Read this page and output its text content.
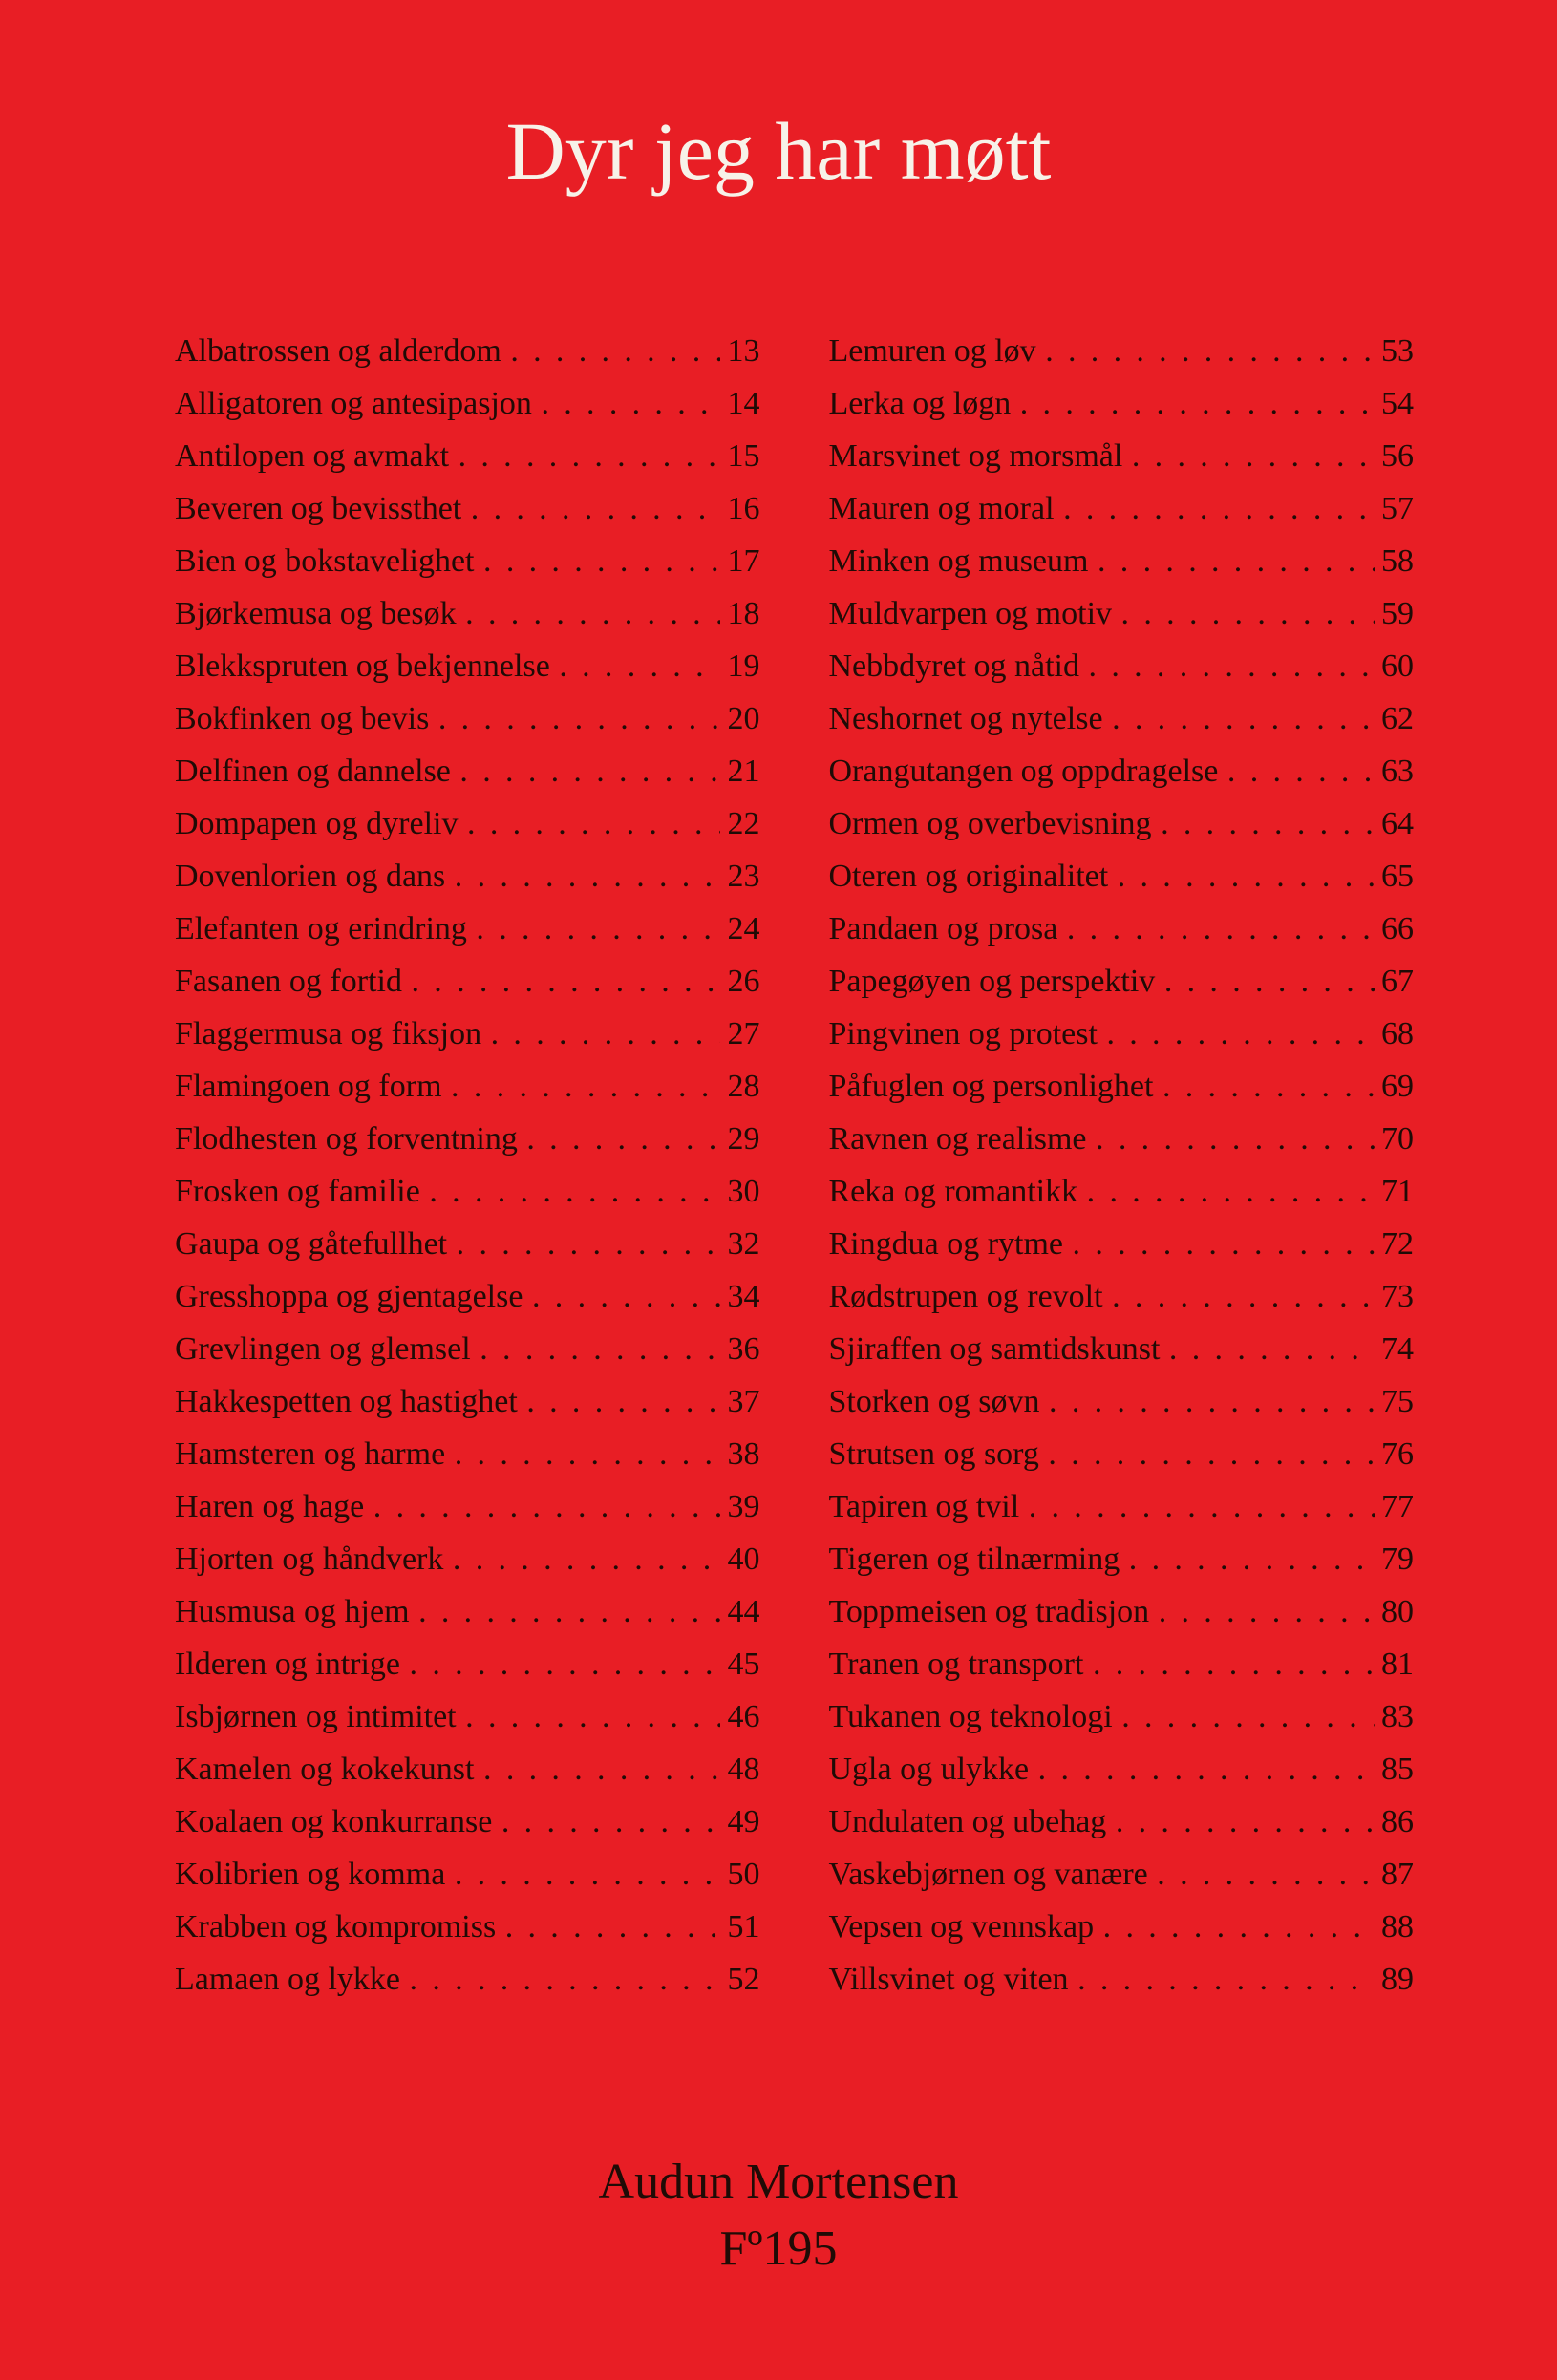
Dyr jeg har møtt
Albatrossen og alderdom . . .	13
Alligatoren og antesipasjon . . .	14
Antilopen og avmakt . . .	15
Beveren og bevissthet . . .	16
Bien og bokstavelighet . . .	17
Bjørkemusa og besøk . . .	18
Blekkspruten og bekjennelse . . .	19
Bokfinken og bevis . . .	20
Delfinen og dannelse . . .	21
Dompapen og dyreliv . . .	22
Dovenlorien og dans . . .	23
Elefanten og erindring . . .	24
Fasanen og fortid . . .	26
Flaggermusa og fiksjon . . .	27
Flamingoen og form . . .	28
Flodhesten og forventning . . .	29
Frosken og familie . . .	30
Gaupa og gåtefullhet . . .	32
Gresshoppa og gjentagelse . . .	34
Grevlingen og glemsel . . .	36
Hakkespetten og hastighet . . .	37
Hamsteren og harme . . .	38
Haren og hage . . .	39
Hjorten og håndverk . . .	40
Husmusa og hjem . . .	44
Ilderen og intrige . . .	45
Isbjørnen og intimitet . . .	46
Kamelen og kokekunst . . .	48
Koalaen og konkurranse . . .	49
Kolibrien og komma . . .	50
Krabben og kompromiss . . .	51
Lamaen og lykke . . .	52
Lemuren og løv . . .	53
Lerka og løgn . . .	54
Marsvinet og morsmål . . .	56
Mauren og moral . . .	57
Minken og museum . . .	58
Muldvarpen og motiv . . .	59
Nebbdyret og nåtid . . .	60
Neshornet og nytelse . . .	62
Orangutangen og oppdragelse . . .	63
Ormen og overbevisning . . .	64
Oteren og originalitet . . .	65
Pandaen og prosa . . .	66
Papegøyen og perspektiv . . .	67
Pingvinen og protest . . .	68
Påfuglen og personlighet . . .	69
Ravnen og realisme . . .	70
Reka og romantikk . . .	71
Ringdua og rytme . . .	72
Rødstrupen og revolt . . .	73
Sjiraffen og samtidskunst . . .	74
Storken og søvn . . .	75
Strutsen og sorg . . .	76
Tapiren og tvil . . .	77
Tigeren og tilnærming . . .	79
Toppmeisen og tradisjon . . .	80
Tranen og transport . . .	81
Tukanen og teknologi . . .	83
Ugla og ulykke . . .	85
Undulaten og ubehag . . .	86
Vaskebjørnen og vanære . . .	87
Vepsen og vennskap . . .	88
Villsvinet og viten . . .	89
Audun Mortensen
Fº195
